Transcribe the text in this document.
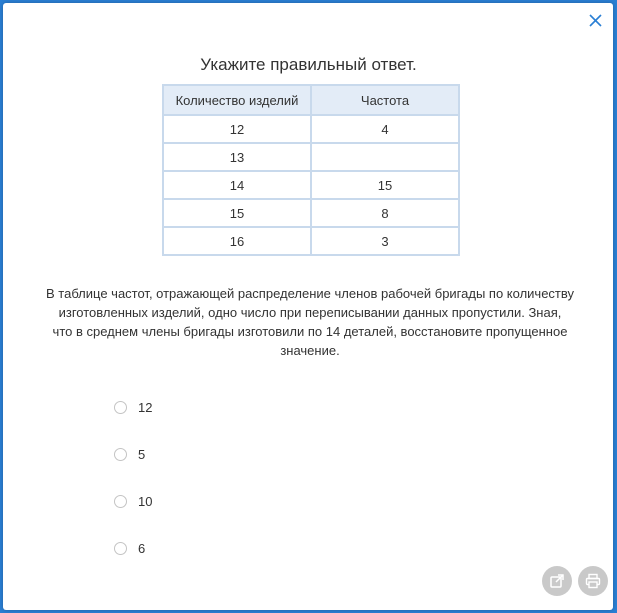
Укажите правильный ответ.
Количество изделий	Частота
12	4
13	
14	15
15	8
16	3
В таблице частот, отражающей распределение членов рабочей бригады по количеству
изготовленных изделий, одно число при переписывании данных пропустили. Зная,
что в среднем члены бригады изготовили по 14 деталей, восстановите пропущенное
значение.
12
5
10
6
